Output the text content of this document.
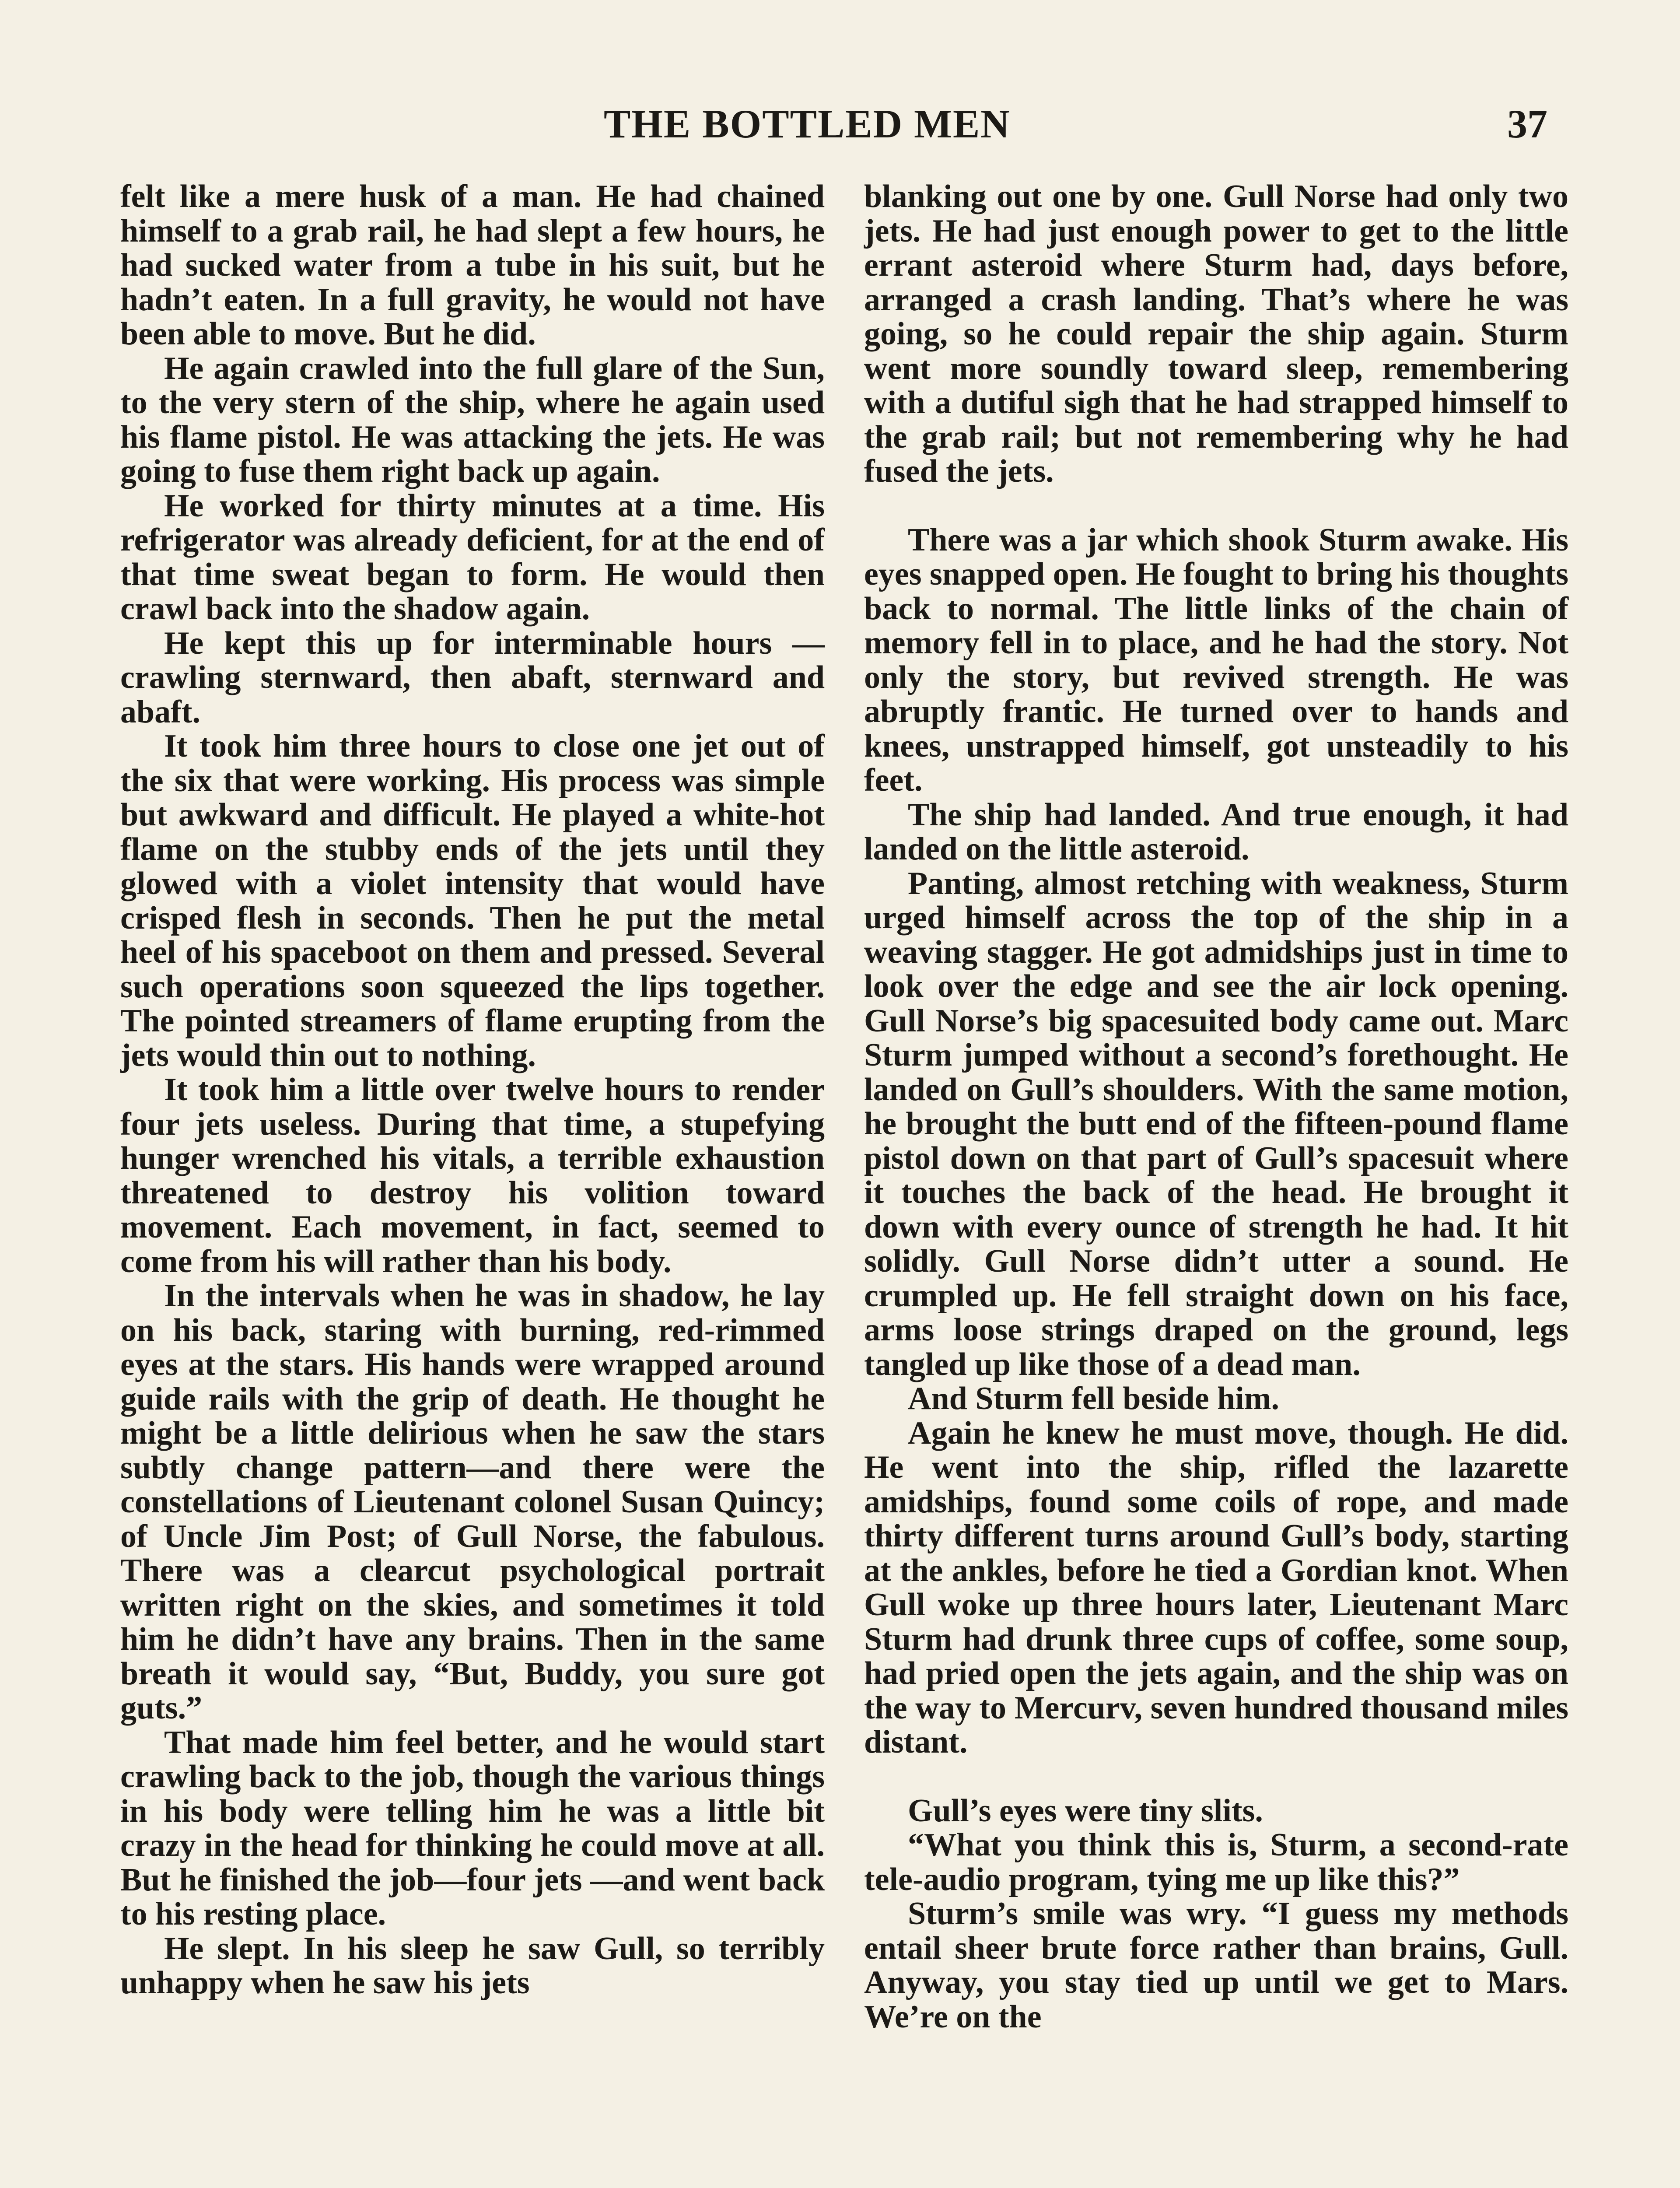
THE BOTTLED MEN	37

felt like a mere husk of a man. He had chained himself to a grab rail, he had slept a few hours, he had sucked water from a tube in his suit, but he hadn’t eaten. In a full gravity, he would not have been able to move. But he did.

He again crawled into the full glare of the Sun, to the very stern of the ship, where he again used his flame pistol. He was attacking the jets. He was going to fuse them right back up again.

He worked for thirty minutes at a time. His refrigerator was already deficient, for at the end of that time sweat began to form. He would then crawl back into the shadow again.

He kept this up for interminable hours —crawling sternward, then abaft, sternward and abaft.

It took him three hours to close one jet out of the six that were working. His process was simple but awkward and difficult. He played a white-hot flame on the stubby ends of the jets until they glowed with a violet intensity that would have crisped flesh in seconds. Then he put the metal heel of his spaceboot on them and pressed. Several such operations soon squeezed the lips together. The pointed streamers of flame erupting from the jets would thin out to nothing.

It took him a little over twelve hours to render four jets useless. During that time, a stupefying hunger wrenched his vitals, a terrible exhaustion threatened to destroy his volition toward movement. Each movement, in fact, seemed to come from his will rather than his body.

In the intervals when he was in shadow, he lay on his back, staring with burning, red-rimmed eyes at the stars. His hands were wrapped around guide rails with the grip of death. He thought he might be a little delirious when he saw the stars subtly change pattern—and there were the constellations of Lieutenant colonel Susan Quincy; of Uncle Jim Post; of Gull Norse, the fabulous. There was a clearcut psychological portrait written right on the skies, and sometimes it told him he didn’t have any brains. Then in the same breath it would say, “But, Buddy, you sure got guts.”

That made him feel better, and he would start crawling back to the job, though the various things in his body were telling him he was a little bit crazy in the head for thinking he could move at all. But he finished the job—four jets —and went back to his resting place.

He slept. In his sleep he saw Gull, so terribly unhappy when he saw his jets

blanking out one by one. Gull Norse had only two jets. He had just enough power to get to the little errant asteroid where Sturm had, days before, arranged a crash landing. That’s where he was going, so he could repair the ship again. Sturm went more soundly toward sleep, remembering with a dutiful sigh that he had strapped himself to the grab rail; but not remembering why he had fused the jets.

There was a jar which shook Sturm awake. His eyes snapped open. He fought to bring his thoughts back to normal. The little links of the chain of memory fell in to place, and he had the story. Not only the story, but revived strength. He was abruptly frantic. He turned over to hands and knees, unstrapped himself, got unsteadily to his feet.

The ship had landed. And true enough, it had landed on the little asteroid.

Panting, almost retching with weakness, Sturm urged himself across the top of the ship in a weaving stagger. He got admidships just in time to look over the edge and see the air lock opening. Gull Norse’s big spacesuited body came out. Marc Sturm jumped without a second’s forethought. He landed on Gull’s shoulders. With the same motion, he brought the butt end of the fifteen-pound flame pistol down on that part of Gull’s spacesuit where it touches the back of the head. He brought it down with every ounce of strength he had. It hit solidly. Gull Norse didn’t utter a sound. He crumpled up. He fell straight down on his face, arms loose strings draped on the ground, legs tangled up like those of a dead man.

And Sturm fell beside him.

Again he knew he must move, though. He did. He went into the ship, rifled the lazarette amidships, found some coils of rope, and made thirty different turns around Gull’s body, starting at the ankles, before he tied a Gordian knot. When Gull woke up three hours later, Lieutenant Marc Sturm had drunk three cups of coffee, some soup, had pried open the jets again, and the ship was on the way to Mercurv, seven hundred thousand miles distant.

Gull’s eyes were tiny slits.

“What you think this is, Sturm, a second-rate tele-audio program, tying me up like this?”

Sturm’s smile was wry. “I guess my methods entail sheer brute force rather than brains, Gull. Anyway, you stay tied up until we get to Mars. We’re on the
